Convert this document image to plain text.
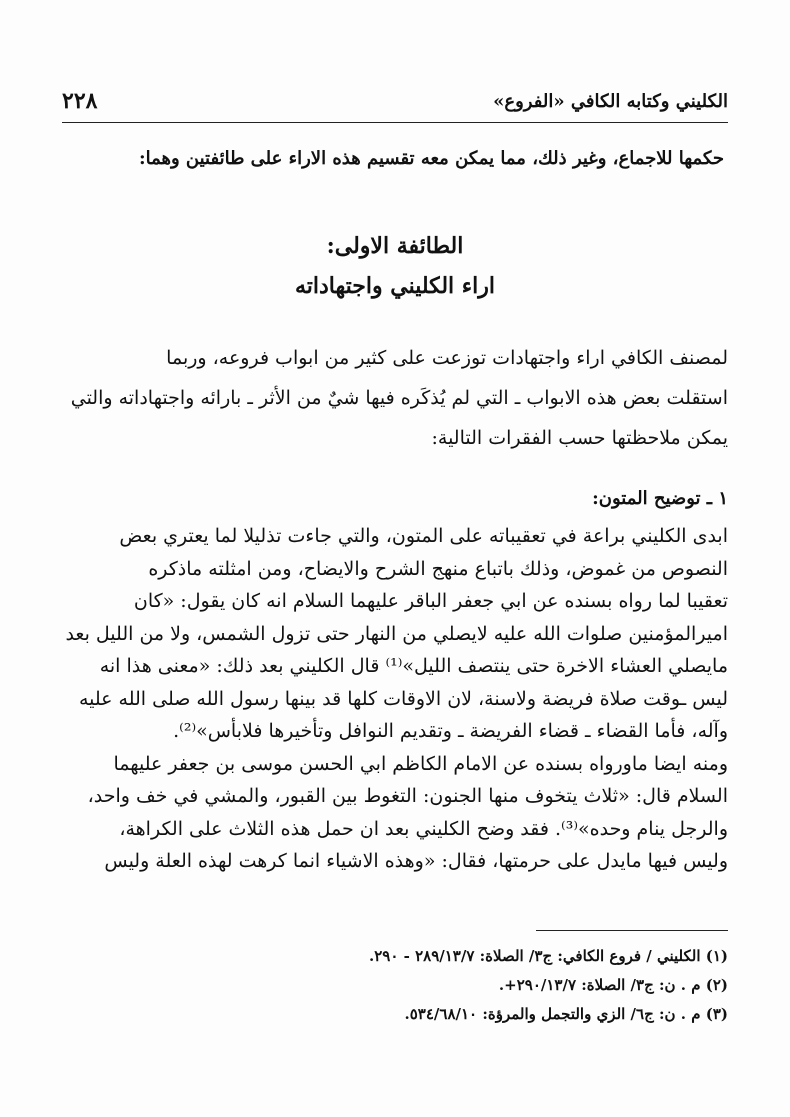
٢٢٨	الكليني وكتابه الكافي «الفروع»
حكمها للاجماع، وغير ذلك، مما يمكن معه تقسيم هذه الاراء على طائفتين وهما:
الطائفة الاولى:
اراء الكليني واجتهاداته
لمصنف الكافي اراء واجتهادات توزعت على كثير من ابواب فروعه، وربما
استقلت بعض هذه الابواب ـ التي لم يُذكَره فيها شيٌ من الأثر ـ بارائه واجتهاداته والتي
يمكن ملاحظتها حسب الفقرات التالية:
١ ـ توضيح المتون:
ابدى الكليني براعة في تعقيباته على المتون، والتي جاءت تذليلا لما يعتري بعض
النصوص من غموض، وذلك باتباع منهج الشرح والايضاح، ومن امثلته ماذكره
تعقيبا لما رواه بسنده عن ابي جعفر الباقر عليهما السلام انه كان يقول: «كان
اميرالمؤمنين صلوات الله عليه لايصلي من النهار حتى تزول الشمس، ولا من الليل بعد
مايصلي العشاء الاخرة حتى ينتصف الليل»⁽¹⁾ قال الكليني بعد ذلك: «معنى هذا انه
ليس ـوقت صلاة فريضة ولاسنة، لان الاوقات كلها قد بينها رسول الله صلى الله عليه
وآله، فأما القضاء ـ قضاء الفريضة ـ وتقديم النوافل وتأخيرها فلابأس»⁽²⁾.
ومنه ايضا ماورواه بسنده عن الامام الكاظم ابي الحسن موسى بن جعفر عليهما
السلام قال: «ثلاث يتخوف منها الجنون: التغوط بين القبور، والمشي في خف واحد،
والرجل ينام وحده»⁽³⁾. فقد وضح الكليني بعد ان حمل هذه الثلاث على الكراهة،
وليس فيها مايدل على حرمتها، فقال: «وهذه الاشياء انما كرهت لهذه العلة وليس
(١) الكليني / فروع الكافي: ج٣/ الصلاة: ٢٨٩/١٣/٧ - ٢٩٠.
(٢) م . ن: ج٣/ الصلاة: ٢٩٠/١٣/٧+.
(٣) م . ن: ج٦/ الزي والتجمل والمرؤة: ٥٣٤/٦٨/١٠.
